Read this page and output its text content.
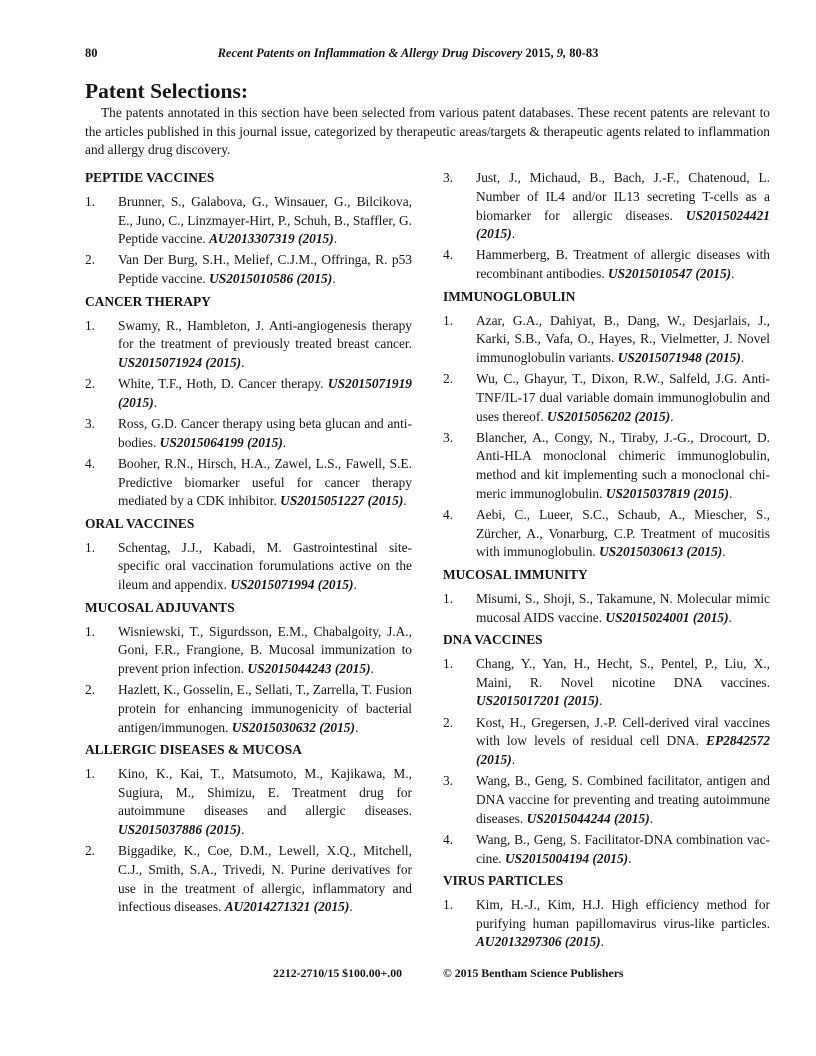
80	Recent Patents on Inflammation & Allergy Drug Discovery 2015, 9, 80-83
Patent Selections:

The patents annotated in this section have been selected from various patent databases. These recent patents are relevant to the articles published in this journal issue, categorized by therapeutic areas/targets & therapeutic agents related to inflammation and allergy drug discovery.

PEPTIDE VACCINES
1.	Brunner, S., Galabova, G., Winsauer, G., Bilcikova, E., Juno, C., Linzmayer-Hirt, P., Schuh, B., Staffler, G. Peptide vaccine. AU2013307319 (2015).
2.	Van Der Burg, S.H., Melief, C.J.M., Offringa, R. p53 Peptide vaccine. US2015010586 (2015).
CANCER THERAPY
1.	Swamy, R., Hambleton, J. Anti-angiogenesis therapy for the treatment of previously treated breast cancer. US2015071924 (2015).
2.	White, T.F., Hoth, D. Cancer therapy. US2015071919 (2015).
3.	Ross, G.D. Cancer therapy using beta glucan and antibodies. US2015064199 (2015).
4.	Booher, R.N., Hirsch, H.A., Zawel, L.S., Fawell, S.E. Predictive biomarker useful for cancer therapy mediated by a CDK inhibitor. US2015051227 (2015).
ORAL VACCINES
1.	Schentag, J.J., Kabadi, M. Gastrointestinal site-specific oral vaccination forumulations active on the ileum and appendix. US2015071994 (2015).
MUCOSAL ADJUVANTS
1.	Wisniewski, T., Sigurdsson, E.M., Chabalgoity, J.A., Goni, F.R., Frangione, B. Mucosal immunization to prevent prion infection. US2015044243 (2015).
2.	Hazlett, K., Gosselin, E., Sellati, T., Zarrella, T. Fusion protein for enhancing immunogenicity of bacterial antigen/immunogen. US2015030632 (2015).
ALLERGIC DISEASES & MUCOSA
1.	Kino, K., Kai, T., Matsumoto, M., Kajikawa, M., Sugiura, M., Shimizu, E. Treatment drug for autoimmune diseases and allergic diseases. US2015037886 (2015).
2.	Biggadike, K., Coe, D.M., Lewell, X.Q., Mitchell, C.J., Smith, S.A., Trivedi, N. Purine derivatives for use in the treatment of allergic, inflammatory and infectious diseases. AU2014271321 (2015).
3.	Just, J., Michaud, B., Bach, J.-F., Chatenoud, L. Number of IL4 and/or IL13 secreting T-cells as a biomarker for allergic diseases. US2015024421 (2015).
4.	Hammerberg, B. Treatment of allergic diseases with recombinant antibodies. US2015010547 (2015).
IMMUNOGLOBULIN
1.	Azar, G.A., Dahiyat, B., Dang, W., Desjarlais, J., Karki, S.B., Vafa, O., Hayes, R., Vielmetter, J. Novel immunoglobulin variants. US2015071948 (2015).
2.	Wu, C., Ghayur, T., Dixon, R.W., Salfeld, J.G. Anti-TNF/IL-17 dual variable domain immunoglobulin and uses thereof. US2015056202 (2015).
3.	Blancher, A., Congy, N., Tiraby, J.-G., Drocourt, D. Anti-HLA monoclonal chimeric immunoglobulin, method and kit implementing such a monoclonal chimeric immunoglobulin. US2015037819 (2015).
4.	Aebi, C., Lueer, S.C., Schaub, A., Miescher, S., Zürcher, A., Vonarburg, C.P. Treatment of mucositis with immunoglobulin. US2015030613 (2015).
MUCOSAL IMMUNITY
1.	Misumi, S., Shoji, S., Takamune, N. Molecular mimic mucosal AIDS vaccine. US2015024001 (2015).
DNA VACCINES
1.	Chang, Y., Yan, H., Hecht, S., Pentel, P., Liu, X., Maini, R. Novel nicotine DNA vaccines. US2015017201 (2015).
2.	Kost, H., Gregersen, J.-P. Cell-derived viral vaccines with low levels of residual cell DNA. EP2842572 (2015).
3.	Wang, B., Geng, S. Combined facilitator, antigen and DNA vaccine for preventing and treating autoimmune diseases. US2015044244 (2015).
4.	Wang, B., Geng, S. Facilitator-DNA combination vaccine. US2015004194 (2015).
VIRUS PARTICLES
1.	Kim, H.-J., Kim, H.J. High efficiency method for purifying human papillomavirus virus-like particles. AU2013297306 (2015).
2212-2710/15 $100.00+.00	© 2015 Bentham Science Publishers
